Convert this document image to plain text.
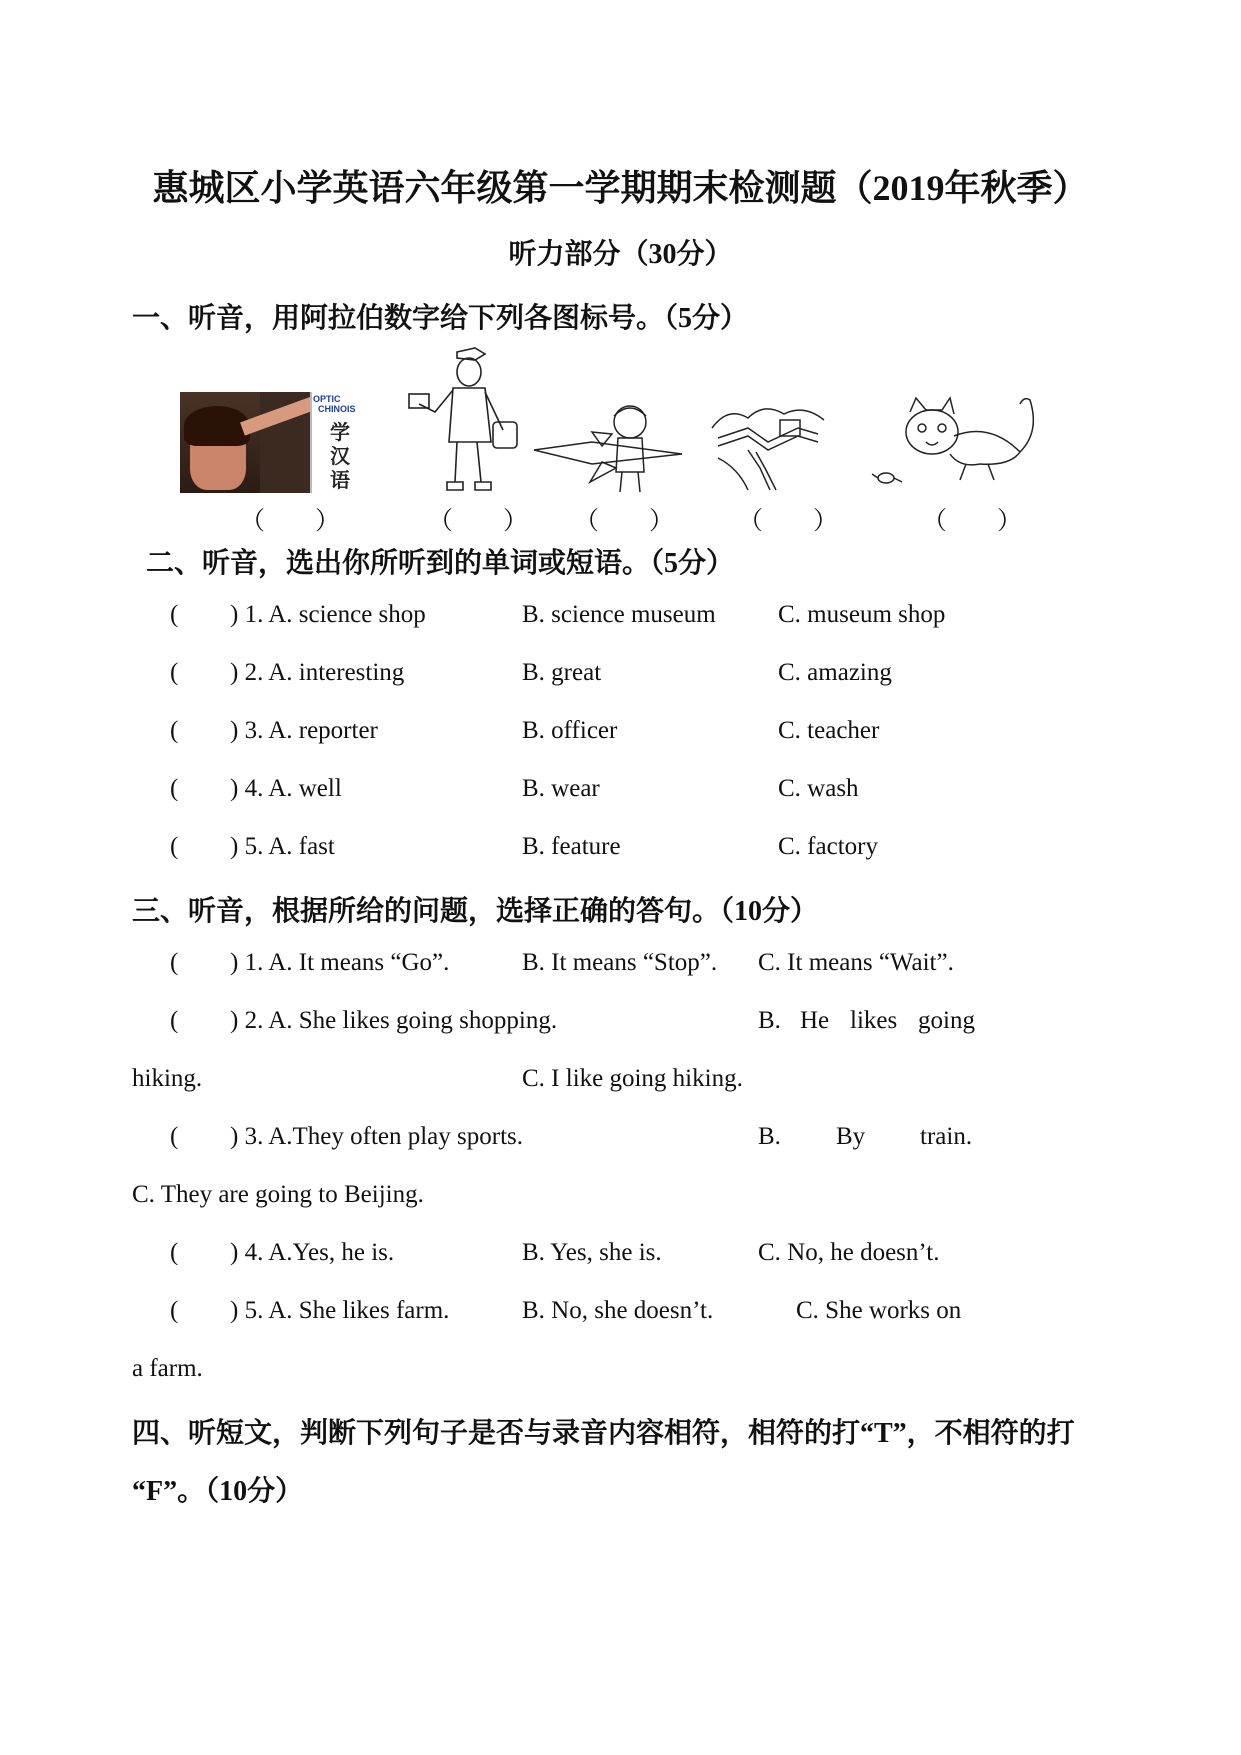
惠城区小学英语六年级第一学期期末检测题（2019年秋季）
听力部分（30分）
一、听音，用阿拉伯数字给下列各图标号。（5分）
OPTIC
CHINOIS
学
汉
语
（　　）	（　　） （　　）	（　　）	（　　）
二、听音，选出你所听到的单词或短语。（5分）
( ) 1. A. science shop	B. science museum C. museum shop
( ) 2. A. interesting	B. great	C. amazing
( ) 3. A. reporter	B. officer	C. teacher
( ) 4. A. well	B. wear	C. wash
( ) 5. A. fast	B. feature	C. factory
三、听音，根据所给的问题，选择正确的答句。（10分）
( ) 1. A. It means “Go”.	B. It means “Stop”. C. It means “Wait”.
( ) 2. A. She likes going shopping.	B. He likes going
hiking.	C. I like going hiking.
( ) 3. A.They often play sports.	B. By train.
C. They are going to Beijing.
( ) 4. A.Yes, he is.	B. Yes, she is.	C. No, he doesn’t.
( ) 5. A. She likes farm.	B. No, she doesn’t.	C. She works on
a farm.
四、听短文，判断下列句子是否与录音内容相符，相符的打“T”，不相符的打
“F”。（10分）
